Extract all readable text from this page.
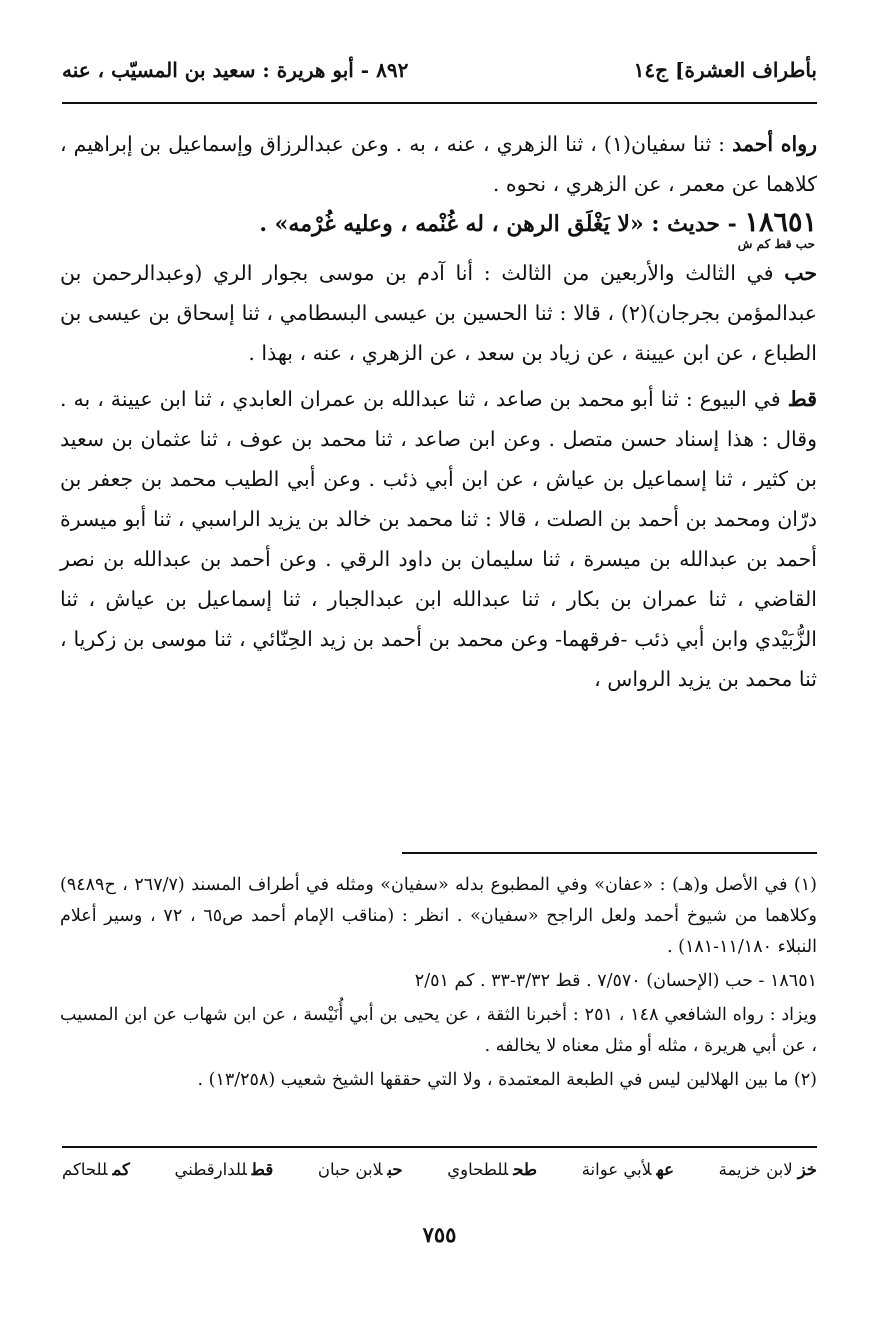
بأطراف العشرة] ج١٤
٨٩٢ - أبو هريرة : سعيد بن المسيّب ، عنه

رواه أحمد : ثنا سفيان(١) ، ثنا الزهري ، عنه ، به . وعن عبدالرزاق وإسماعيل بن إبراهيم ، كلاهما عن معمر ، عن الزهري ، نحوه .

١٨٦٥١ - حديث : «لا يَغْلَق الرهن ، له غُنْمه ، وعليه غُرْمه» .

حب قط كم ش

حب في الثالث والأربعين من الثالث : أنا آدم بن موسى بجوار الري (وعبدالرحمن بن عبدالمؤمن بجرجان)(٢) ، قالا : ثنا الحسين بن عيسى البسطامي ، ثنا إسحاق بن عيسى بن الطباع ، عن ابن عيينة ، عن زياد بن سعد ، عن الزهري ، عنه ، بهذا .

قط في البيوع : ثنا أبو محمد بن صاعد ، ثنا عبدالله بن عمران العابدي ، ثنا ابن عيينة ، به . وقال : هذا إسناد حسن متصل . وعن ابن صاعد ، ثنا محمد بن عوف ، ثنا عثمان بن سعيد بن كثير ، ثنا إسماعيل بن عياش ، عن ابن أبي ذئب . وعن أبي الطيب محمد بن جعفر بن درّان ومحمد بن أحمد بن الصلت ، قالا : ثنا محمد بن خالد بن يزيد الراسبي ، ثنا أبو ميسرة أحمد بن عبدالله بن ميسرة ، ثنا سليمان بن داود الرقي . وعن أحمد بن عبدالله بن نصر القاضي ، ثنا عمران بن بكار ، ثنا عبدالله ابن عبدالجبار ، ثنا إسماعيل بن عياش ، ثنا الزُّبَيْدي وابن أبي ذئب -فرقهما- وعن محمد بن أحمد بن زيد الحِنّائي ، ثنا موسى بن زكريا ، ثنا محمد بن يزيد الرواس ،

(١) في الأصل و(هـ) : «عفان» وفي المطبوع بدله «سفيان» ومثله في أطراف المسند (٢٦٧/٧ ، ح٩٤٨٩) وكلاهما من شيوخ أحمد ولعل الراجح «سفيان» . انظر : (مناقب الإمام أحمد ص٦٥ ، ٧٢ ، وسير أعلام النبلاء ١١/١٨٠-١٨١) .

١٨٦٥١ - حب (الإحسان) ٧/٥٧٠ . قط ٣/٣٢-٣٣ . كم ٢/٥١

ويزاد : رواه الشافعي ١٤٨ ، ٢٥١ : أخبرنا الثقة ، عن يحيى بن أبي أُنَيْسة ، عن ابن شهاب عن ابن المسيب ، عن أبي هريرة ، مثله أو مثل معناه لا يخالفه .

(٢) ما بين الهلالين ليس في الطبعة المعتمدة ، ولا التي حققها الشيخ شعيب (١٣/٢٥٨) .

خزلابن خزيمة
عهلأبي عوانة
طحللطحاوي
حبلابن حبان
قطللدارقطني
كمللحاكم
٧٥٥
